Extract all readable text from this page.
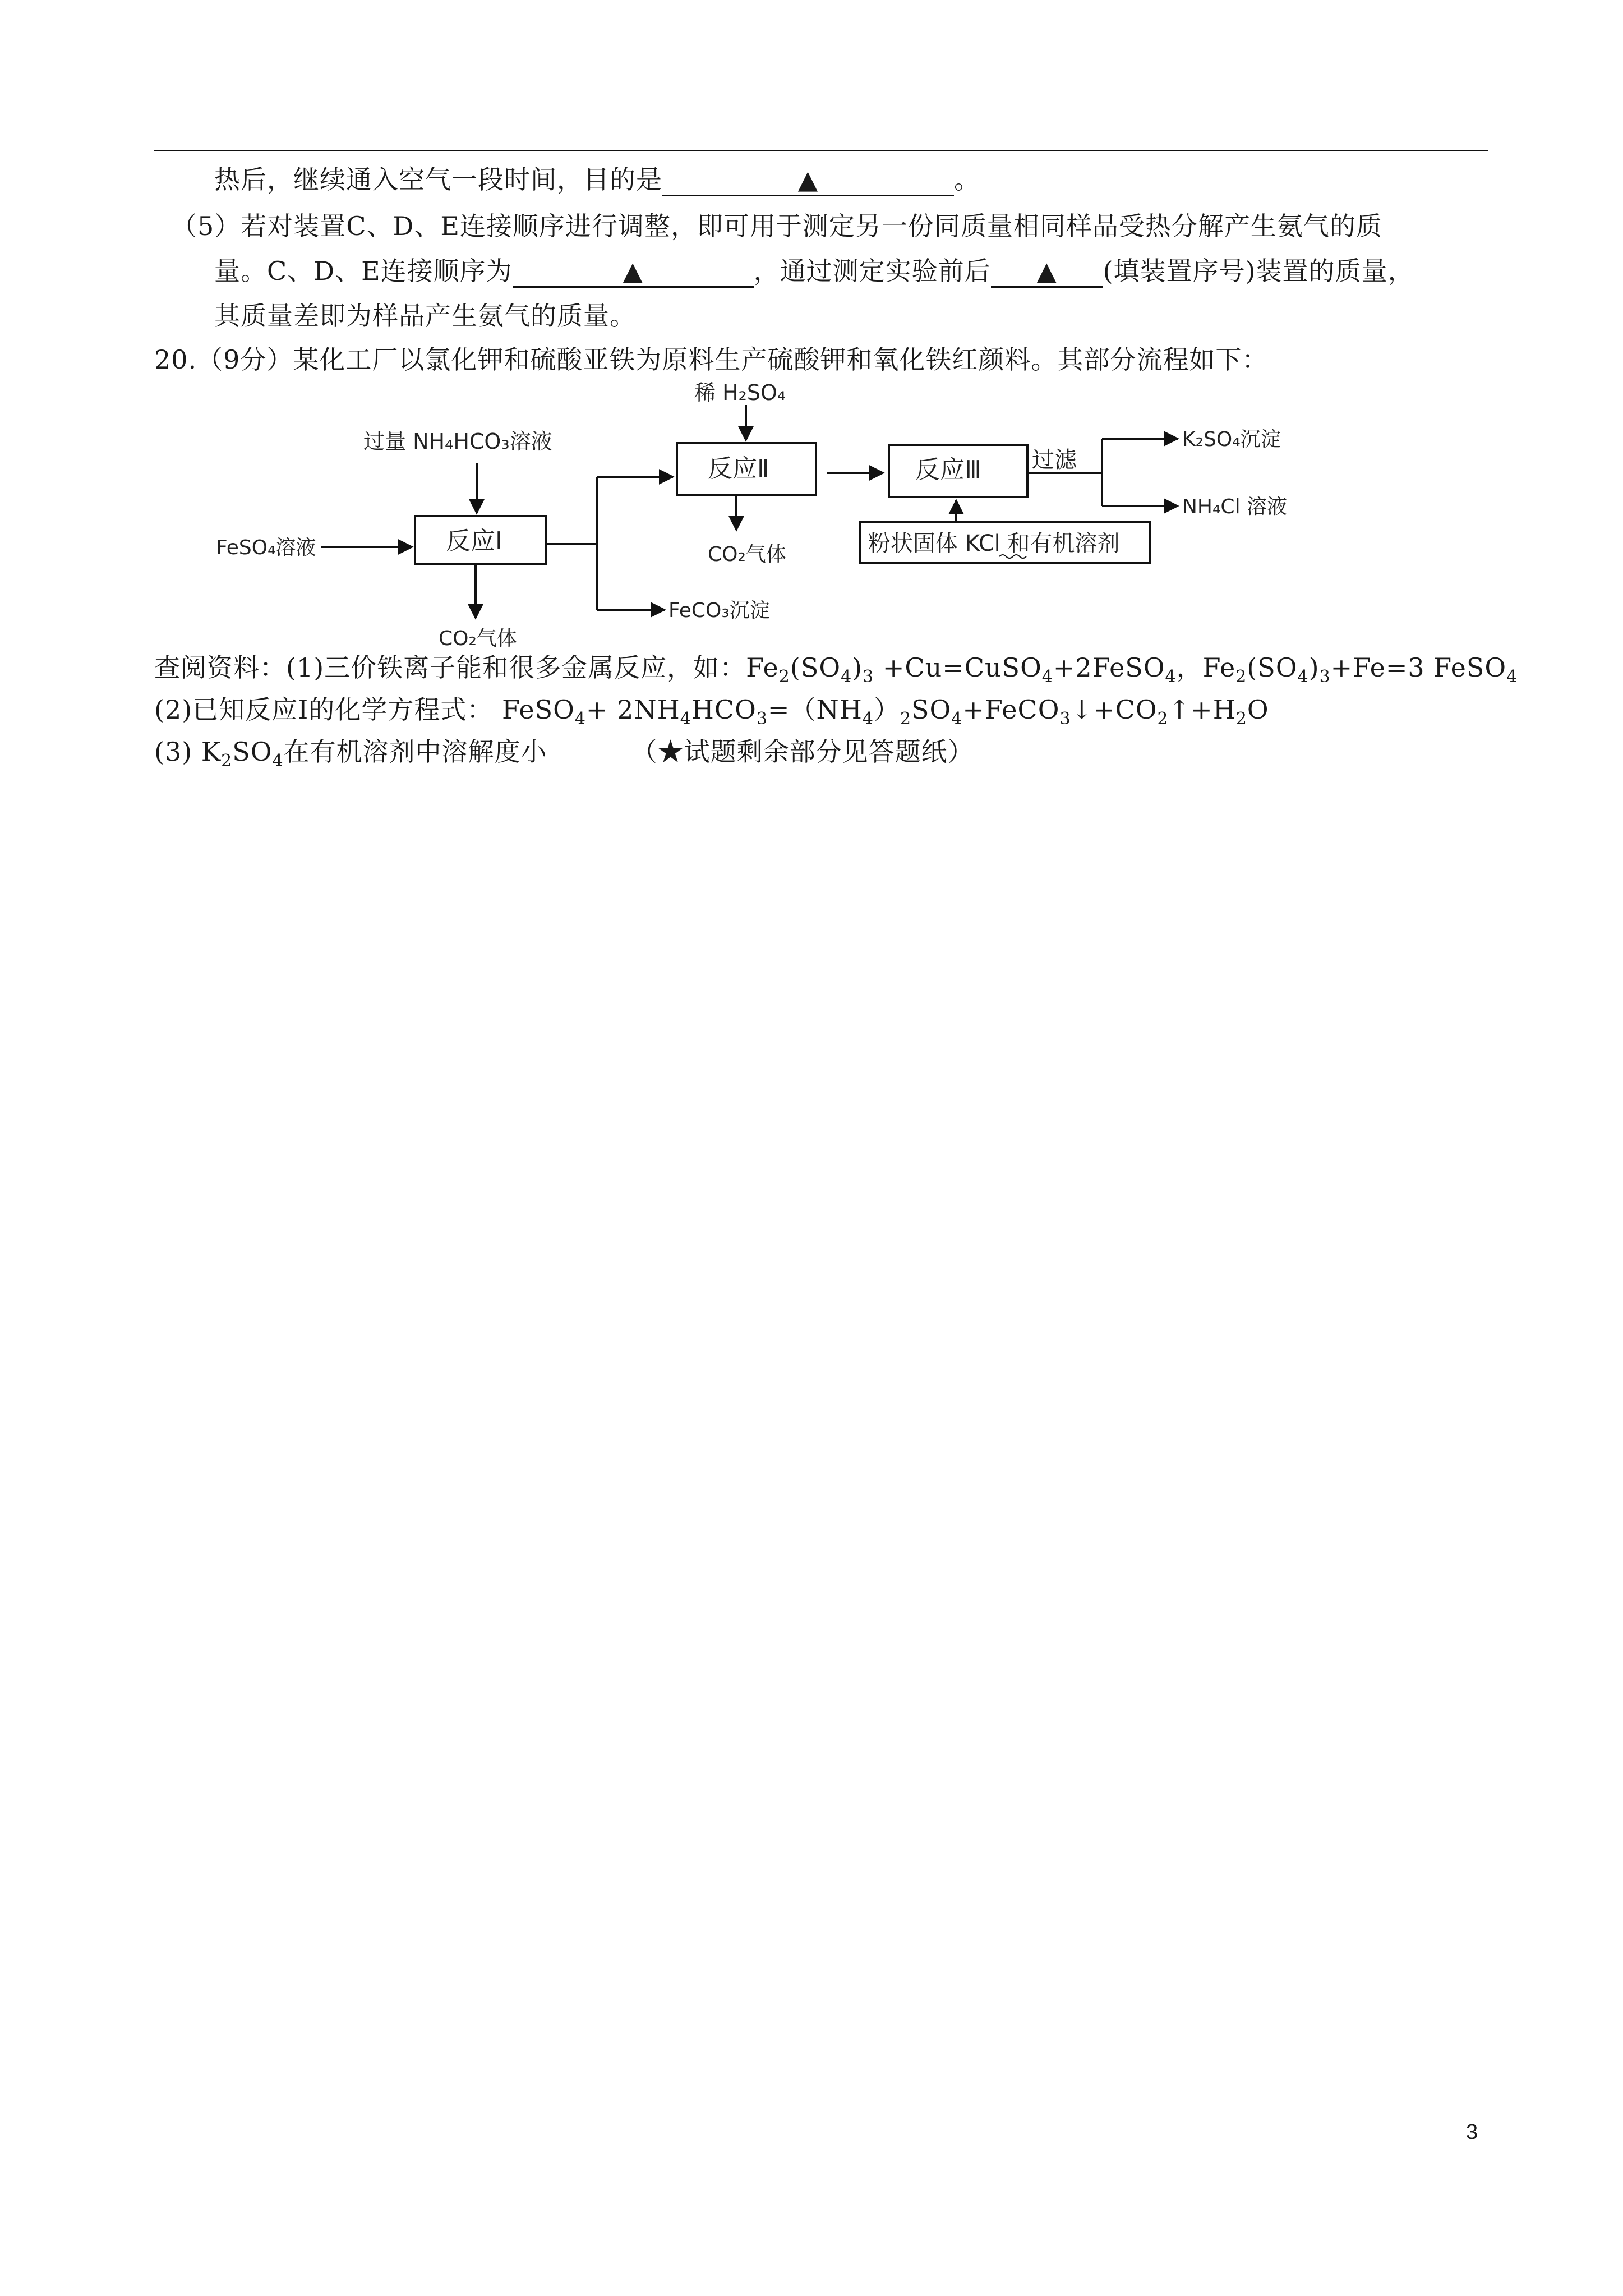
热后，继续通入空气一段时间，目的是	▲	。
（5）若对装置C、D、E连接顺序进行调整，即可用于测定另一份同质量相同样品受热分解产生氨气的质
量。C、D、E连接顺序为	▲	，通过测定实验前后 ▲ (填装置序号)装置的质量，
其质量差即为样品产生氨气的质量。
20.（9分）某化工厂以氯化钾和硫酸亚铁为原料生产硫酸钾和氧化铁红颜料。其部分流程如下：
反应Ⅰ
反应Ⅱ	反应Ⅲ
粉状固体 KCl 和有机溶剂
FeSO₄溶液
过量 NH₄HCO₃溶液
CO₂气体
FeCO₃沉淀
稀 H₂SO₄
CO₂气体
过滤
K₂SO₄沉淀
NH₄Cl 溶液
查阅资料：(1)三价铁离子能和很多金属反应，如：$Fe_2(SO_4)_3$ +Cu=CuSO$_4$+2FeSO$_4$，$Fe_2(SO_4)_3+Fe=3$ FeSO$_4$
(2)已知反应Ⅰ的化学方程式： FeSO$_4$+ $2NH_4HCO_3=(NH_4)_2SO_4+FeCO_3↓+CO_2↑+H_2O$
(3) $K_2SO_4$在有机溶剂中溶解度小	（★试题剩余部分见答题纸）
3
